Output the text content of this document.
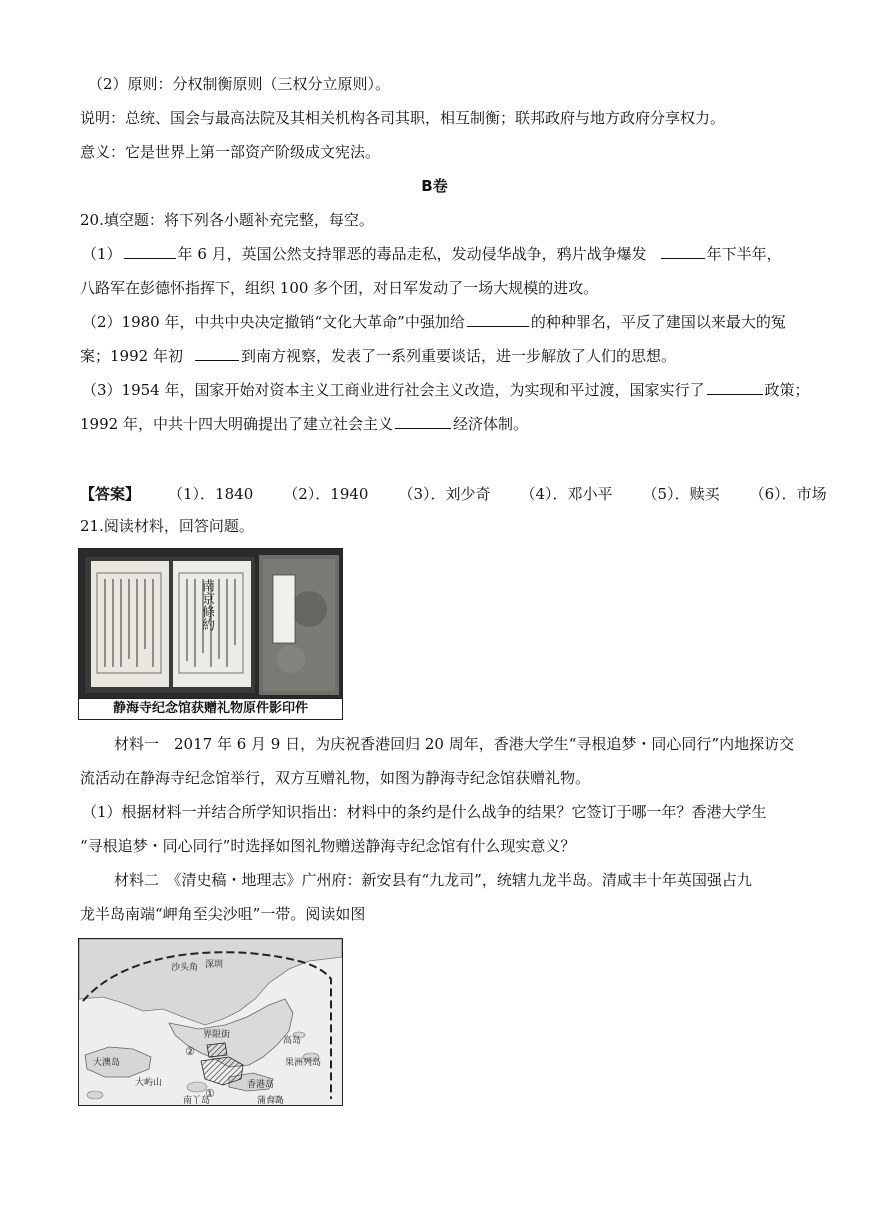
（2）原则：分权制衡原则（三权分立原则）。
说明：总统、国会与最高法院及其相关机构各司其职，相互制衡；联邦政府与地方政府分享权力。
意义：它是世界上第一部资产阶级成文宪法。
B卷
20.填空题：将下列各小题补充完整，每空。
（1）	年 6 月，英国公然支持罪恶的毒品走私，发动侵华战争，鸦片战争爆发	年下半年，
八路军在彭德怀指挥下，组织 100 多个团，对日军发动了一场大规模的进攻。
（2）1980 年，中共中央决定撤销“文化大革命”中强加给	的种种罪名，平反了建国以来最大的冤
案；1992 年初	到南方视察，发表了一系列重要谈话，进一步解放了人们的思想。
（3）1954 年，国家开始对资本主义工商业进行社会主义改造，为实现和平过渡，国家实行了	政策；
1992 年，中共十四大明确提出了建立社会主义	经济体制。
【答案】 （1）．1840 （2）．1940 （3）．刘少奇 （4）．邓小平 （5）．赎买 （6）．市场
21.阅读材料，回答问题。
南京條約
静海寺纪念馆获赠礼物原件影印件
材料一　2017 年 6 月 9 日，为庆祝香港回归 20 周年，香港大学生“寻根追梦・同心同行”内地探访交
流活动在静海寺纪念馆举行，双方互赠礼物，如图为静海寺纪念馆获赠礼物。
（1）根据材料一并结合所学知识指出：材料中的条约是什么战争的结果？它签订于哪一年？香港大学生
“寻根追梦・同心同行”时选择如图礼物赠送静海寺纪念馆有什么现实意义？
材料二　《清史稿・地理志》广州府：新安县有“九龙司”，统辖九龙半岛。清咸丰十年英国强占九
龙半岛南端“岬角至尖沙咀”一带。阅读如图
界限街
深圳
沙头角
②
①
大澳岛
香港岛
高岛
果洲列岛
蒲台岛
大屿山
南丫岛
